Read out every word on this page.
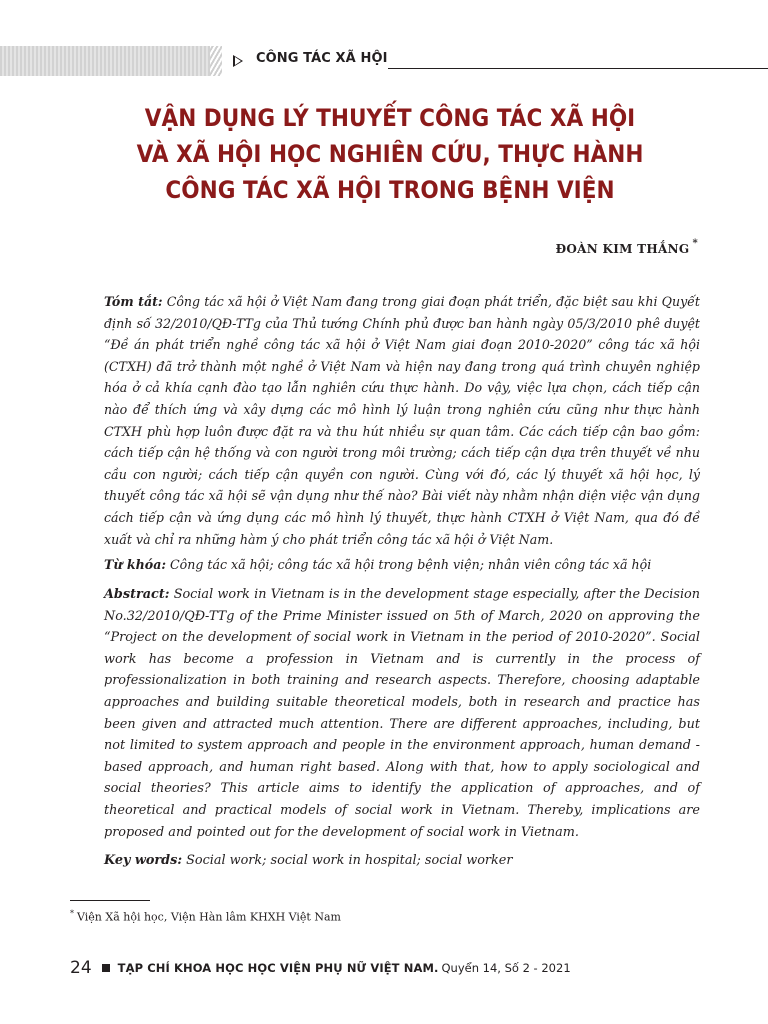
CÔNG TÁC XÃ HỘI
VẬN DỤNG LÝ THUYẾT CÔNG TÁC XÃ HỘI
VÀ XÃ HỘI HỌC NGHIÊN CỨU, THỰC HÀNH
CÔNG TÁC XÃ HỘI TRONG BỆNH VIỆN
ĐOÀN KIM THẮNG *
Tóm tắt: Công tác xã hội ở Việt Nam đang trong giai đoạn phát triển, đặc biệt sau khi Quyết định số 32/2010/QĐ-TTg của Thủ tướng Chính phủ được ban hành ngày 05/3/2010 phê duyệt “Đề án phát triển nghề công tác xã hội ở Việt Nam giai đoạn 2010-2020” công tác xã hội (CTXH) đã trở thành một nghề ở Việt Nam và hiện nay đang trong quá trình chuyên nghiệp hóa ở cả khía cạnh đào tạo lẫn nghiên cứu thực hành. Do vậy, việc lựa chọn, cách tiếp cận nào để thích ứng và xây dựng các mô hình lý luận trong nghiên cứu cũng như thực hành CTXH phù hợp luôn được đặt ra và thu hút nhiều sự quan tâm. Các cách tiếp cận bao gồm: cách tiếp cận hệ thống và con người trong môi trường; cách tiếp cận dựa trên thuyết về nhu cầu con người; cách tiếp cận quyền con người. Cùng với đó, các lý thuyết xã hội học, lý thuyết công tác xã hội sẽ vận dụng như thế nào? Bài viết này nhằm nhận diện việc vận dụng cách tiếp cận và ứng dụng các mô hình lý thuyết, thực hành CTXH ở Việt Nam, qua đó đề xuất và chỉ ra những hàm ý cho phát triển công tác xã hội ở Việt Nam.
Từ khóa: Công tác xã hội; công tác xã hội trong bệnh viện; nhân viên công tác xã hội
Abstract: Social work in Vietnam is in the development stage especially, after the Decision No.32/2010/QĐ-TTg of the Prime Minister issued on 5th of March, 2020 on approving the “Project on the development of social work in Vietnam in the period of 2010-2020”. Social work has become a profession in Vietnam and is currently in the process of professionalization in both training and research aspects. Therefore, choosing adaptable approaches and building suitable theoretical models, both in research and practice has been given and attracted much attention. There are different approaches, including, but not limited to system approach and people in the environment approach, human demand - based approach, and human right based. Along with that, how to apply sociological and social theories? This article aims to identify the application of approaches, and of theoretical and practical models of social work in Vietnam. Thereby, implications are proposed and pointed out for the development of social work in Vietnam.
Key words: Social work; social work in hospital; social worker
* Viện Xã hội học, Viện Hàn lâm KHXH Việt Nam
24 TẠP CHÍ KHOA HỌC HỌC VIỆN PHỤ NỮ VIỆT NAM. Quyển 14, Số 2 - 2021
